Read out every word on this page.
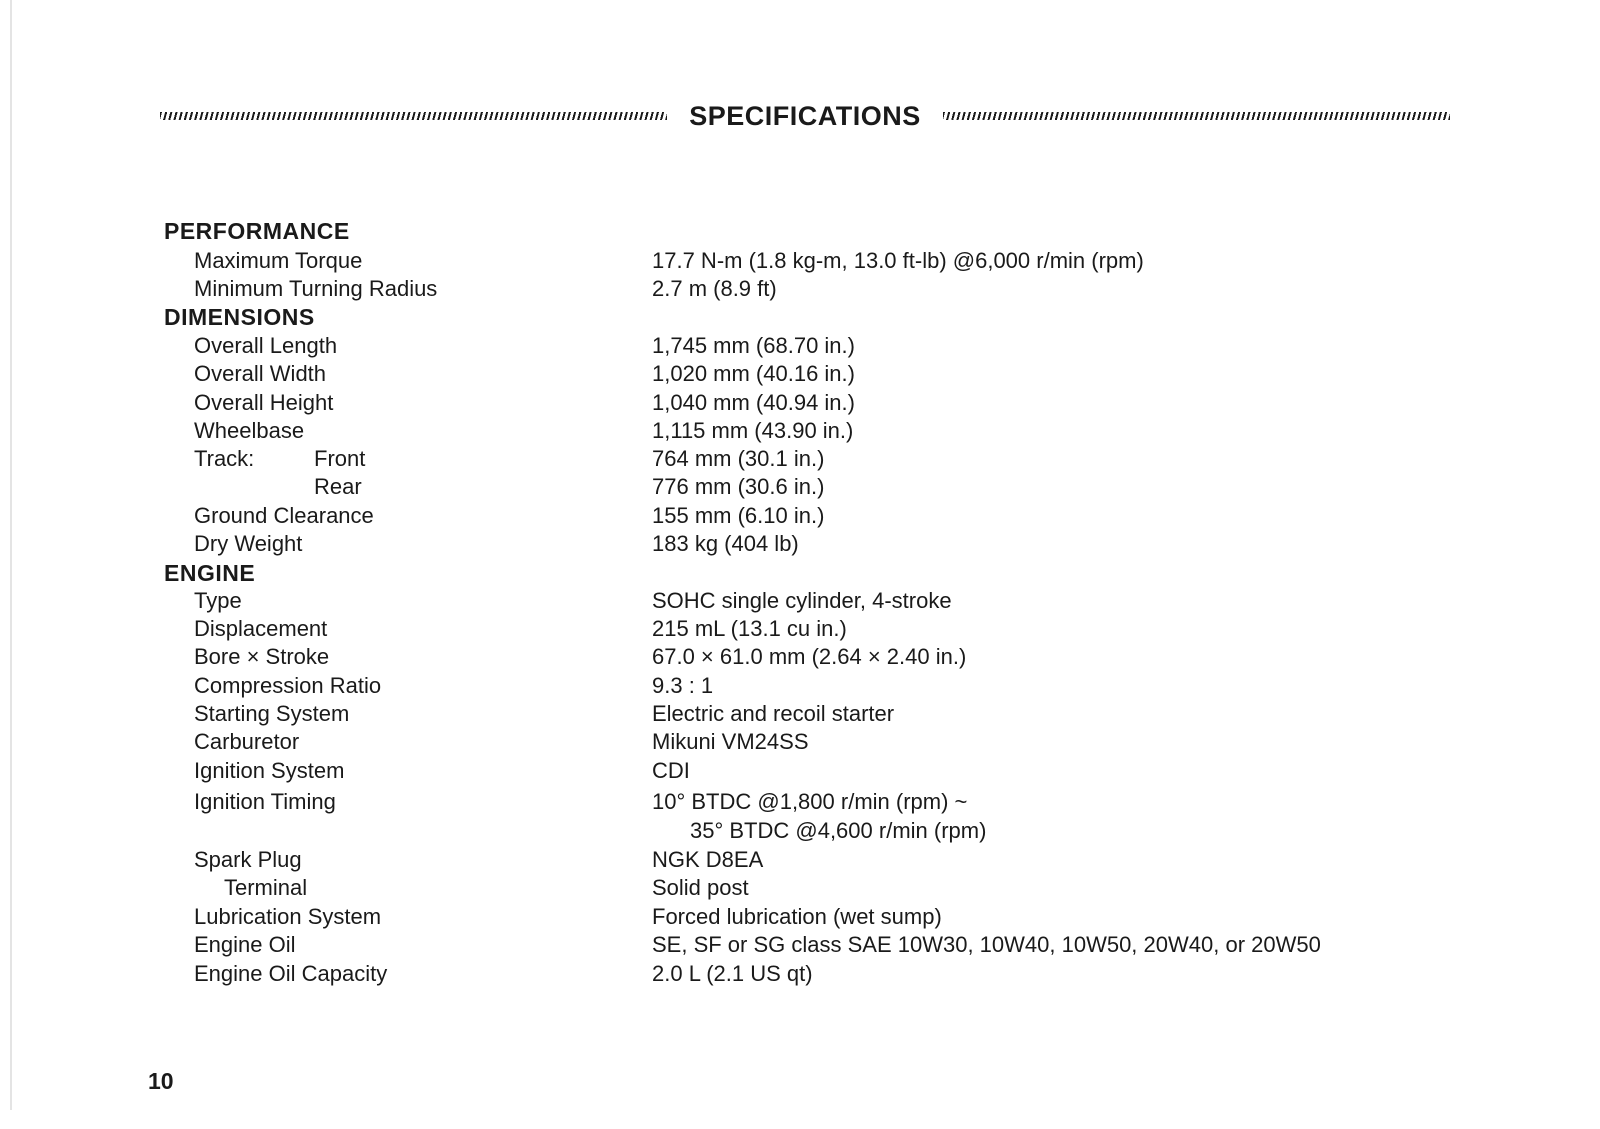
SPECIFICATIONS
PERFORMANCE
Maximum Torque	17.7 N-m (1.8 kg-m, 13.0 ft-lb) @6,000 r/min (rpm)
Minimum Turning Radius	2.7 m (8.9 ft)
DIMENSIONS
Overall Length	1,745 mm (68.70 in.)
Overall Width	1,020 mm (40.16 in.)
Overall Height	1,040 mm (40.94 in.)
Wheelbase	1,115 mm (43.90 in.)
Track:	Front	764 mm (30.1 in.)
Rear	776 mm (30.6 in.)
Ground Clearance	155 mm (6.10 in.)
Dry Weight	183 kg (404 lb)
ENGINE
Type	SOHC single cylinder, 4-stroke
Displacement	215 mL (13.1 cu in.)
Bore × Stroke	67.0 × 61.0 mm (2.64 × 2.40 in.)
Compression Ratio	9.3 : 1
Starting System	Electric and recoil starter
Carburetor	Mikuni VM24SS
Ignition System	CDI
Ignition Timing	10° BTDC @1,800 r/min (rpm) ~
35° BTDC @4,600 r/min (rpm)
Spark Plug	NGK D8EA
Terminal	Solid post
Lubrication System	Forced lubrication (wet sump)
Engine Oil	SE, SF or SG class SAE 10W30, 10W40, 10W50, 20W40, or 20W50
Engine Oil Capacity	2.0 L (2.1 US qt)
10
